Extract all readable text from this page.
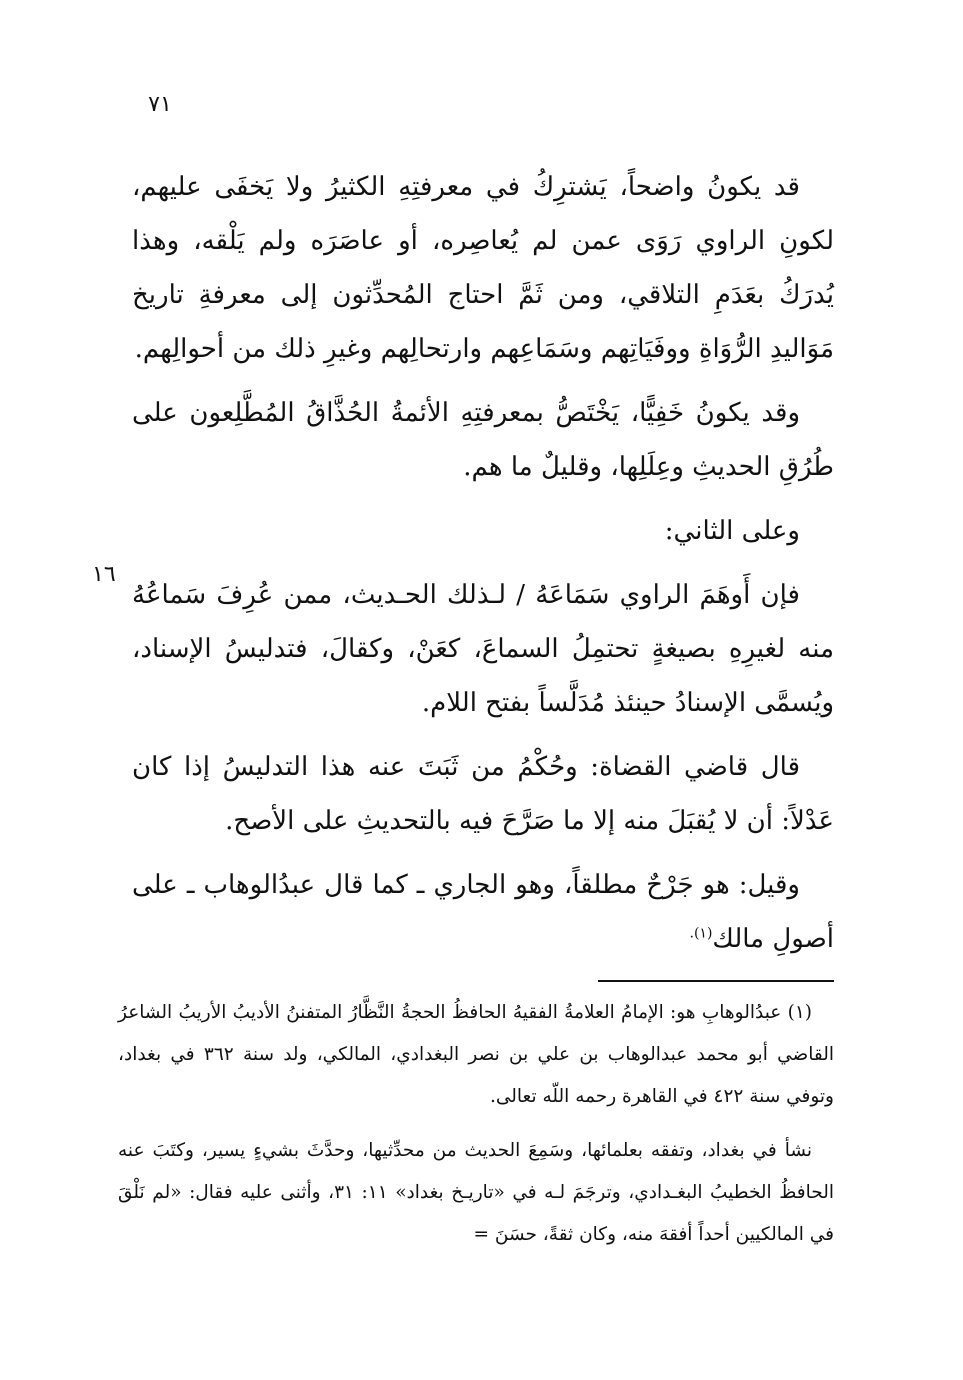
٧١
١٦

قد يكونُ واضحاً، يَشترِكُ في معرفتِهِ الكثيرُ ولا يَخفَى عليهم، لكونِ الراوي رَوَى عمن لم يُعاصِره، أو عاصَرَه ولم يَلْقه، وهذا يُدرَكُ بعَدَمِ التلاقي، ومن ثَمَّ احتاج المُحدِّثون إلى معرفةِ تاريخ مَوَاليدِ الرُّوَاةِ ووفَيَاتِهم وسَمَاعِهم وارتحالِهم وغيرِ ذلك من أحوالِهم.

وقد يكونُ خَفِيًّا، يَخْتَصُّ بمعرفتِهِ الأئمةُ الحُذَّاقُ المُطَّلِعون على طُرُقِ الحديثِ وعِلَلِها، وقليلٌ ما هم.

وعلى الثاني:

فإن أَوهَمَ الراوي سَمَاعَهُ / لـذلك الحـديث، ممن عُرِفَ سَماعُهُ منه لغيرِهِ بصيغةٍ تحتمِلُ السماعَ، كعَنْ، وكقالَ، فتدليسُ الإسناد، ويُسمَّى الإسنادُ حينئذ مُدَلَّساً بفتح اللام.

قال قاضي القضاة: وحُكْمُ من ثَبَتَ عنه هذا التدليسُ إذا كان عَدْلاً: أن لا يُقبَلَ منه إلا ما صَرَّحَ فيه بالتحديثِ على الأصح.

وقيل: هو جَرْحٌ مطلقاً، وهو الجاري ـ كما قال عبدُالوهاب ـ على أصولِ مالك$^{(١).}$

(١) عبدُالوهابِ هو: الإمامُ العلامةُ الفقيهُ الحافظُ الحجةُ النَّظَّارُ المتفننُ الأديبُ الأريبُ الشاعرُ القاضي أبو محمد عبدالوهاب بن علي بن نصر البغدادي، المالكي، ولد سنة ٣٦٢ في بغداد، وتوفي سنة ٤٢٢ في القاهرة رحمه اللّه تعالى.

نشأ في بغداد، وتفقه بعلمائها، وسَمِعَ الحديث من محدِّثيها، وحدَّثَ بشيءٍ يسير، وكتَبَ عنه الحافظُ الخطيبُ البغـدادي، وترجَمَ لـه في «تاريـخ بغداد» ١١: ٣١، وأثنى عليه فقال: «لم نَلْقَ في المالكيين أحداً أفقهَ منه، وكان ثقةً، حسَنَ =
